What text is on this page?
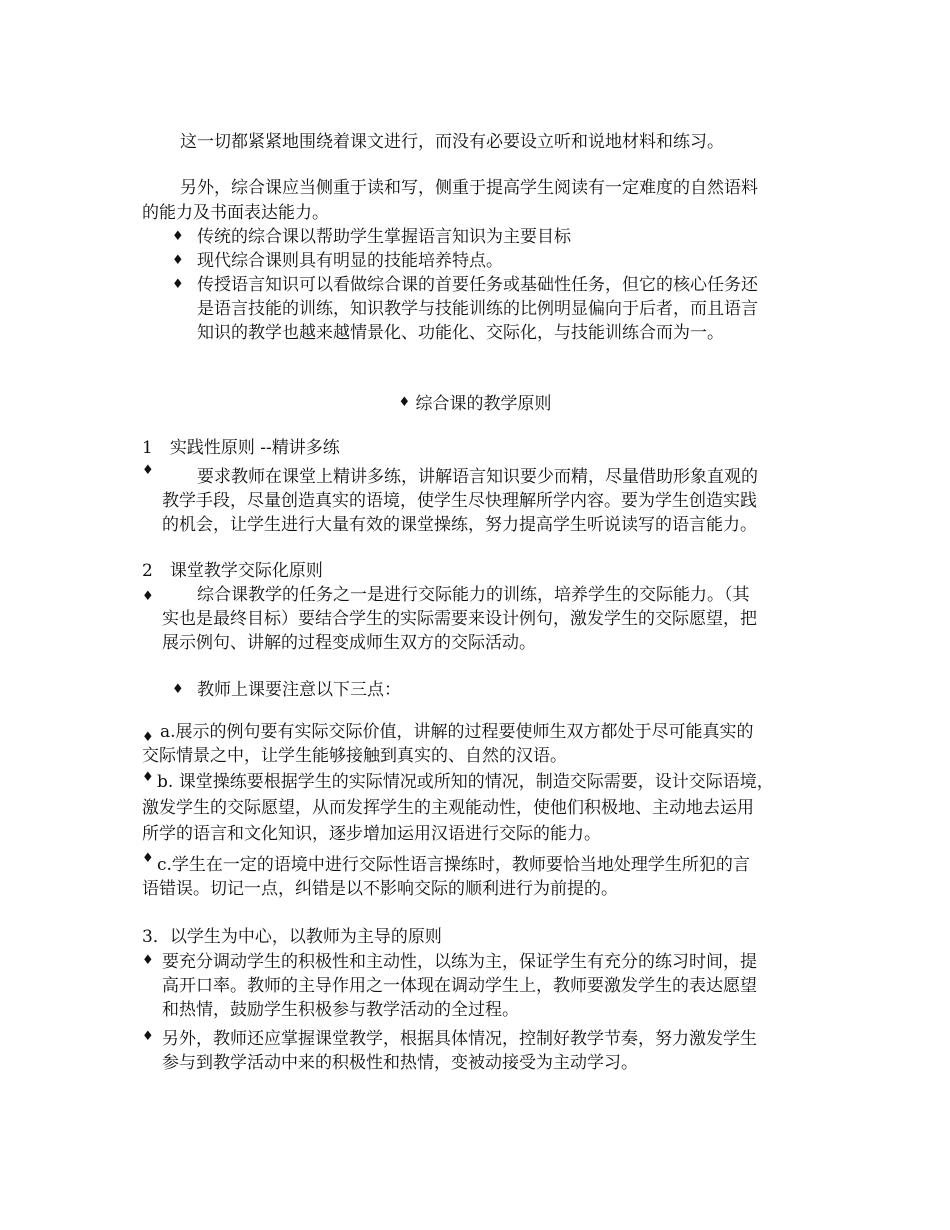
这一切都紧紧地围绕着课文进行，而没有必要设立听和说地材料和练习。
另外，综合课应当侧重于读和写，侧重于提高学生阅读有一定难度的自然语料
的能力及书面表达能力。
♦ 传统的综合课以帮助学生掌握语言知识为主要目标
♦ 现代综合课则具有明显的技能培养特点。
♦ 传授语言知识可以看做综合课的首要任务或基础性任务，但它的核心任务还
是语言技能的训练，知识教学与技能训练的比例明显偏向于后者，而且语言
知识的教学也越来越情景化、功能化、交际化，与技能训练合而为一。
♦ 综合课的教学原则
1　实践性原则 --精讲多练
♦	要求教师在课堂上精讲多练，讲解语言知识要少而精，尽量借助形象直观的
教学手段，尽量创造真实的语境，使学生尽快理解所学内容。要为学生创造实践
的机会，让学生进行大量有效的课堂操练，努力提高学生听说读写的语言能力。
2　课堂教学交际化原则
♦	综合课教学的任务之一是进行交际能力的训练，培养学生的交际能力。（其
实也是最终目标）要结合学生的实际需要来设计例句，激发学生的交际愿望，把
展示例句、讲解的过程变成师生双方的交际活动。
♦ 教师上课要注意以下三点：
♦ a.展示的例句要有实际交际价值，讲解的过程要使师生双方都处于尽可能真实的
交际情景之中，让学生能够接触到真实的、自然的汉语。
♦ b. 课堂操练要根据学生的实际情况或所知的情况，制造交际需要，设计交际语境，
激发学生的交际愿望，从而发挥学生的主观能动性，使他们积极地、主动地去运用
所学的语言和文化知识，逐步增加运用汉语进行交际的能力。
♦ c.学生在一定的语境中进行交际性语言操练时，教师要恰当地处理学生所犯的言
语错误。切记一点，纠错是以不影响交际的顺利进行为前提的。
3．以学生为中心，以教师为主导的原则
♦ 要充分调动学生的积极性和主动性，以练为主，保证学生有充分的练习时间，提
高开口率。教师的主导作用之一体现在调动学生上，教师要激发学生的表达愿望
和热情，鼓励学生积极参与教学活动的全过程。
♦ 另外，教师还应掌握课堂教学，根据具体情况，控制好教学节奏，努力激发学生
参与到教学活动中来的积极性和热情，变被动接受为主动学习。
